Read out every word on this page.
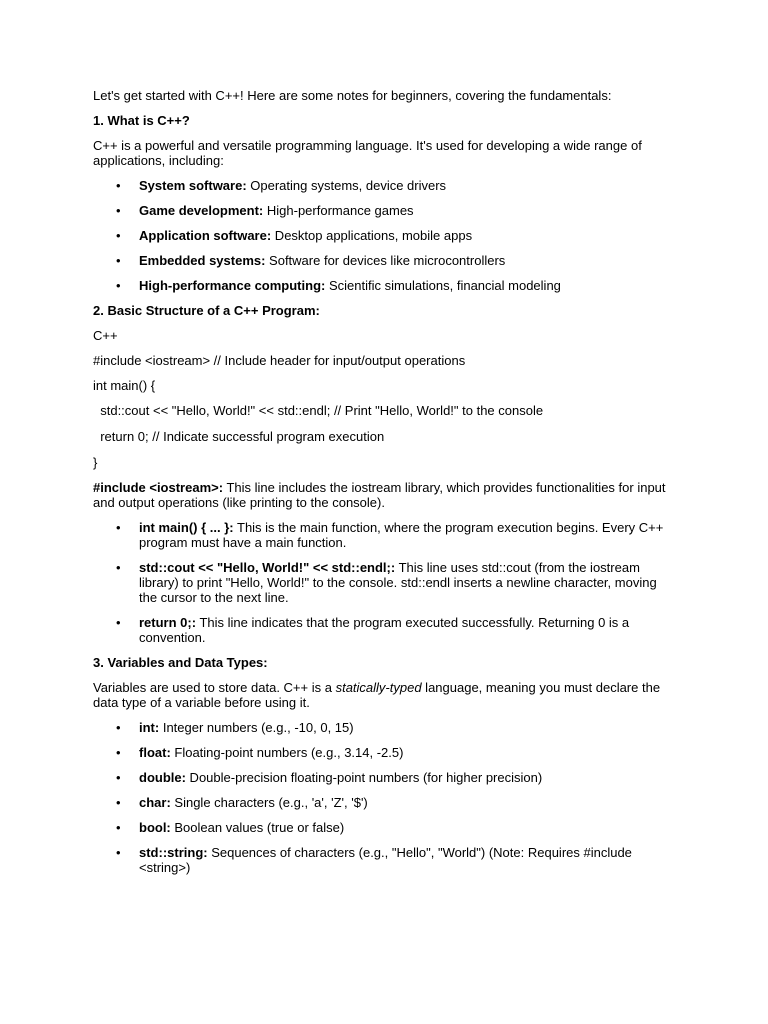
Let's get started with C++! Here are some notes for beginners, covering the fundamentals:

1. What is C++?

C++ is a powerful and versatile programming language. It's used for developing a wide range of applications, including:

• System software: Operating systems, device drivers
• Game development: High-performance games
• Application software: Desktop applications, mobile apps
• Embedded systems: Software for devices like microcontrollers
• High-performance computing: Scientific simulations, financial modeling

2. Basic Structure of a C++ Program:

C++

#include <iostream> // Include header for input/output operations

int main() {

std::cout << "Hello, World!" << std::endl; // Print "Hello, World!" to the console

return 0; // Indicate successful program execution

}

#include <iostream>: This line includes the iostream library, which provides functionalities for input and output operations (like printing to the console).

• int main() { ... }: This is the main function, where the program execution begins. Every C++ program must have a main function.
• std::cout << "Hello, World!" << std::endl;: This line uses std::cout (from the iostream library) to print "Hello, World!" to the console. std::endl inserts a newline character, moving the cursor to the next line.
• return 0;: This line indicates that the program executed successfully. Returning 0 is a convention.

3. Variables and Data Types:

Variables are used to store data. C++ is a statically-typed language, meaning you must declare the data type of a variable before using it.

• int: Integer numbers (e.g., -10, 0, 15)
• float: Floating-point numbers (e.g., 3.14, -2.5)
• double: Double-precision floating-point numbers (for higher precision)
• char: Single characters (e.g., 'a', 'Z', '$')
• bool: Boolean values (true or false)
• std::string: Sequences of characters (e.g., "Hello", "World") (Note: Requires #include <string>)
